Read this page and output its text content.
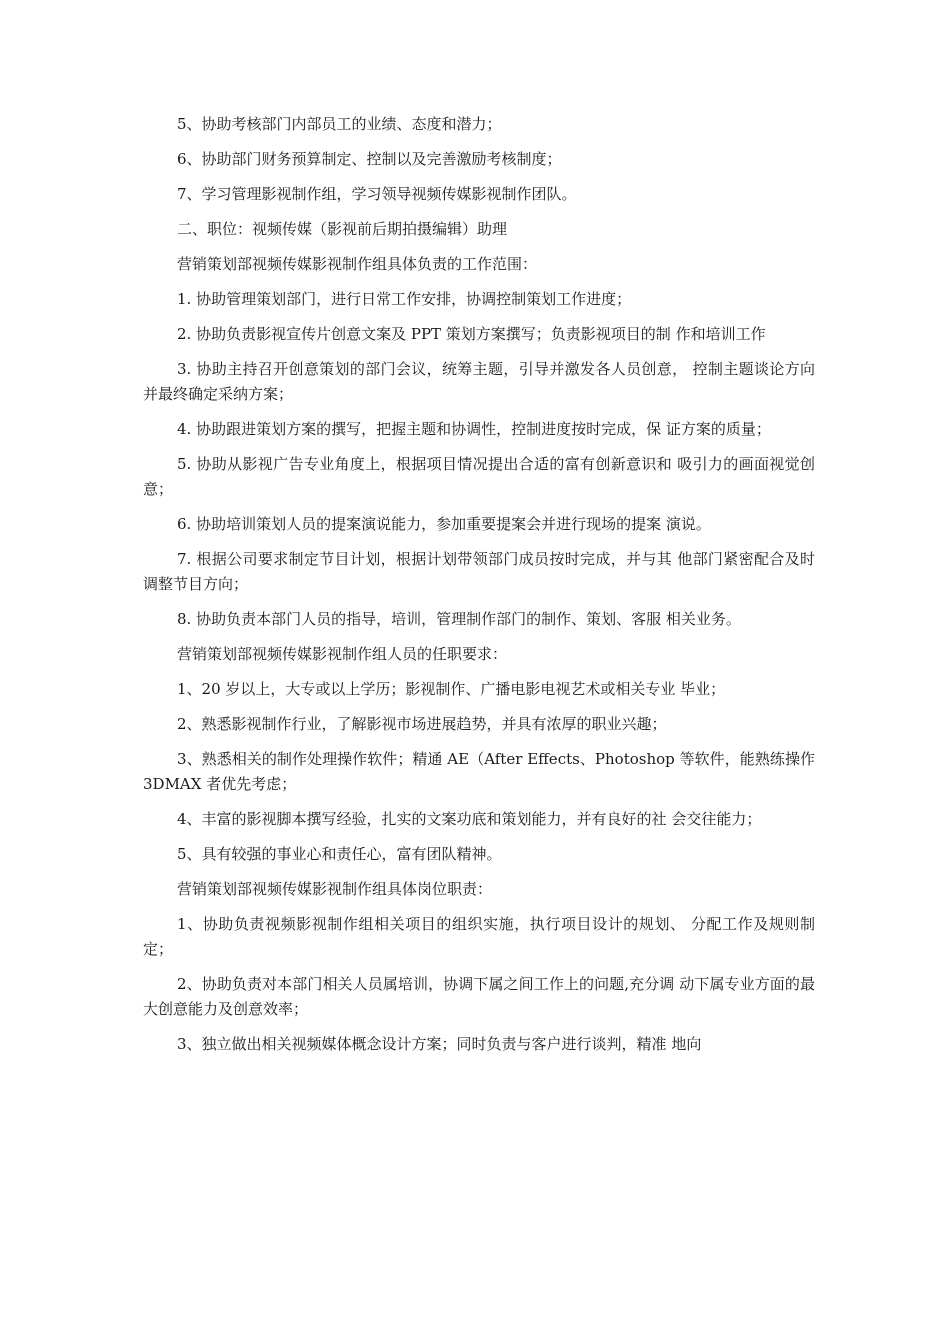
5、协助考核部门内部员工的业绩、态度和潜力；

6、协助部门财务预算制定、控制以及完善激励考核制度；

7、学习管理影视制作组，学习领导视频传媒影视制作团队。

二、职位：视频传媒（影视前后期拍摄编辑）助理

营销策划部视频传媒影视制作组具体负责的工作范围：

1. 协助管理策划部门，进行日常工作安排，协调控制策划工作进度；

2. 协助负责影视宣传片创意文案及 PPT 策划方案撰写；负责影视项目的制 作和培训工作

3. 协助主持召开创意策划的部门会议，统筹主题，引导并激发各人员创意， 控制主题谈论方向并最终确定采纳方案；

4. 协助跟进策划方案的撰写，把握主题和协调性，控制进度按时完成，保 证方案的质量；

5. 协助从影视广告专业角度上，根据项目情况提出合适的富有创新意识和 吸引力的画面视觉创意；

6. 协助培训策划人员的提案演说能力，参加重要提案会并进行现场的提案 演说。

7. 根据公司要求制定节目计划，根据计划带领部门成员按时完成，并与其 他部门紧密配合及时调整节目方向；

8. 协助负责本部门人员的指导，培训，管理制作部门的制作、策划、客服 相关业务。

营销策划部视频传媒影视制作组人员的任职要求：

1、20 岁以上，大专或以上学历；影视制作、广播电影电视艺术或相关专业 毕业；

2、熟悉影视制作行业，了解影视市场进展趋势，并具有浓厚的职业兴趣；

3、熟悉相关的制作处理操作软件；精通 AE（After Effects、Photoshop 等软件，能熟练操作 3DMAX 者优先考虑；

4、丰富的影视脚本撰写经验，扎实的文案功底和策划能力，并有良好的社 会交往能力；

5、具有较强的事业心和责任心，富有团队精神。

营销策划部视频传媒影视制作组具体岗位职责：

1、协助负责视频影视制作组相关项目的组织实施，执行项目设计的规划、 分配工作及规则制定；

2、协助负责对本部门相关人员属培训，协调下属之间工作上的问题,充分调 动下属专业方面的最大创意能力及创意效率；

3、独立做出相关视频媒体概念设计方案；同时负责与客户进行谈判，精准 地向
